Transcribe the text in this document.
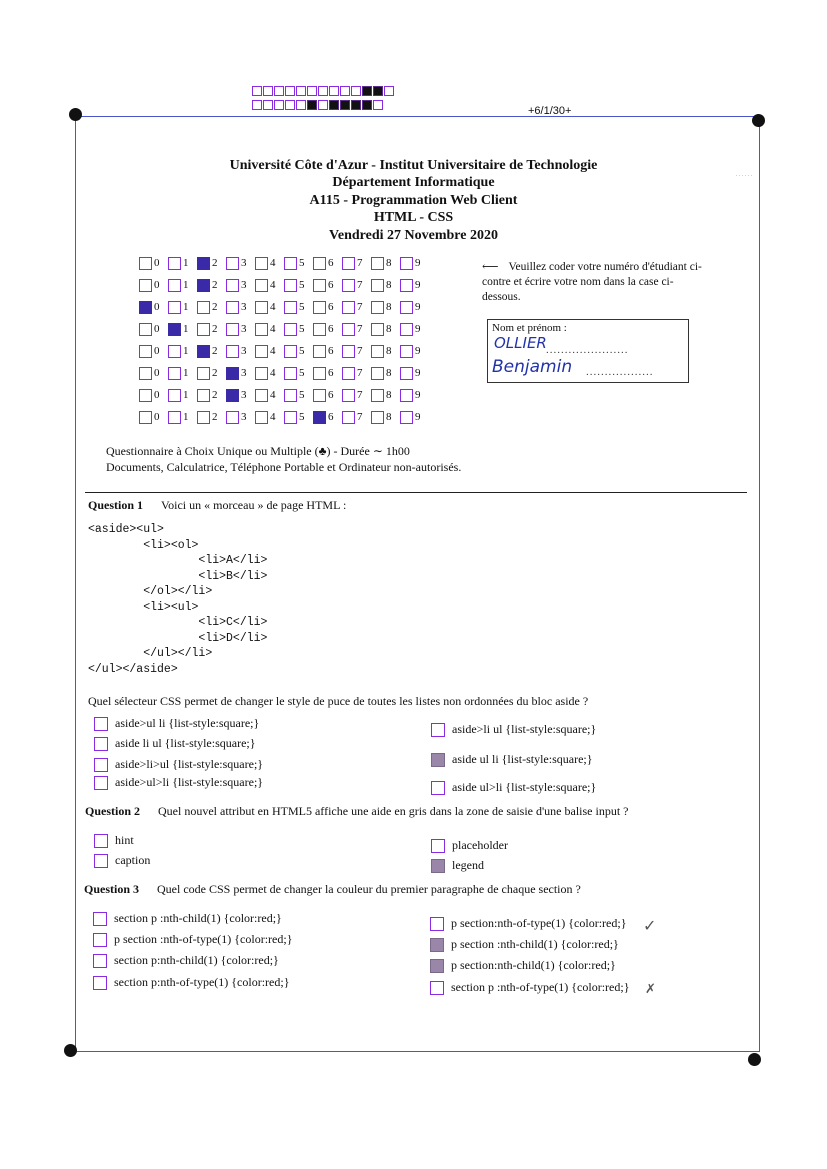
+6/1/30+
······
Université Côte d'Azur - Institut Universitaire de Technologie
Département Informatique
A115 - Programmation Web Client
HTML - CSS
Vendredi 27 Novembre 2020
0 1 2 3 4 5 6 7 8 9
0 1 2 3 4 5 6 7 8 9
0 1 2 3 4 5 6 7 8 9
0 1 2 3 4 5 6 7 8 9
0 1 2 3 4 5 6 7 8 9
0 1 2 3 4 5 6 7 8 9
0 1 2 3 4 5 6 7 8 9
0 1 2 3 4 5 6 7 8 9
⟵ Veuillez coder votre numéro d'étudiant ci-contre et écrire votre nom dans la case ci-dessous.
Nom et prénom :
OLLIER ......................
Benjamin ..................
Questionnaire à Choix Unique ou Multiple (♣) - Durée ∼ 1h00
Documents, Calculatrice, Téléphone Portable et Ordinateur non-autorisés.
Question 1 Voici un « morceau » de page HTML :
<aside><ul>
<li><ol>
<li>A</li>
<li>B</li>
</ol></li>
<li><ul>
<li>C</li>
<li>D</li>
</ul></li>
</ul></aside>
Quel sélecteur CSS permet de changer le style de puce de toutes les listes non ordonnées du bloc aside ?
aside>ul li {list-style:square;}
aside li ul {list-style:square;}
aside>li>ul {list-style:square;}
aside>ul>li {list-style:square;}
aside>li ul {list-style:square;}
aside ul li {list-style:square;}
aside ul>li {list-style:square;}
Question 2 Quel nouvel attribut en HTML5 affiche une aide en gris dans la zone de saisie d'une balise input ?
hint
caption
placeholder
legend
Question 3 Quel code CSS permet de changer la couleur du premier paragraphe de chaque section ?
section p :nth-child(1) {color:red;}
p section :nth-of-type(1) {color:red;}
section p:nth-child(1) {color:red;}
section p:nth-of-type(1) {color:red;}
p section:nth-of-type(1) {color:red;}
p section :nth-child(1) {color:red;}
p section:nth-child(1) {color:red;}
section p :nth-of-type(1) {color:red;}
✓
✗
